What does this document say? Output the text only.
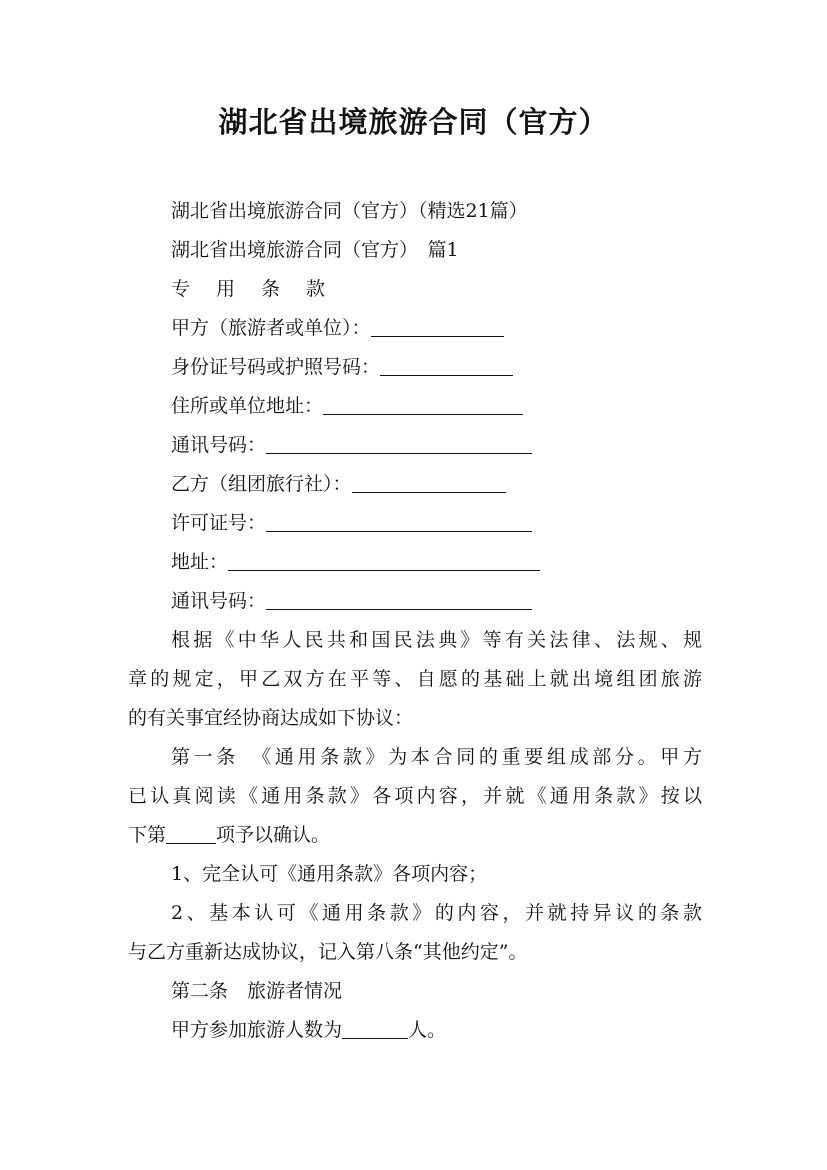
湖北省出境旅游合同（官方）
湖北省出境旅游合同（官方）（精选21篇）
湖北省出境旅游合同（官方）　篇1
专用条款
甲方（旅游者或单位）：
身份证号码或护照号码：
住所或单位地址：
通讯号码：
乙方（组团旅行社）：
许可证号：
地址：
通讯号码：
根据《中华人民共和国民法典》等有关法律、法规、规
章的规定，甲乙双方在平等、自愿的基础上就出境组团旅游
的有关事宜经协商达成如下协议：
第一条　《通用条款》为本合同的重要组成部分。甲方
已认真阅读《通用条款》各项内容，并就《通用条款》按以
下第	项予以确认。
1、完全认可《通用条款》各项内容；
2、基本认可《通用条款》的内容，并就持异议的条款
与乙方重新达成协议，记入第八条“其他约定”。
第二条　旅游者情况
甲方参加旅游人数为	人。
